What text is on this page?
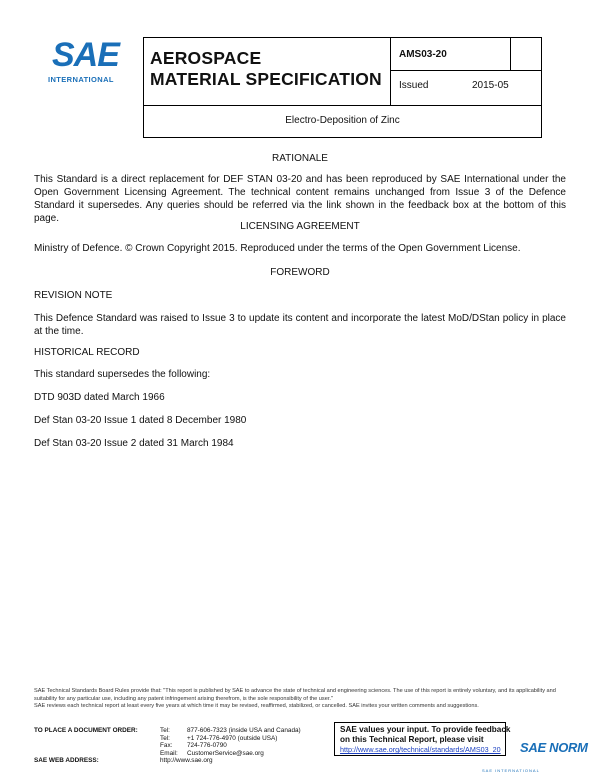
SAE
INTERNATIONAL
AEROSPACE
MATERIAL SPECIFICATION
AMS03-20
Issued	2015-05
Electro-Deposition of Zinc
RATIONALE
This Standard is a direct replacement for DEF STAN 03-20 and has been reproduced by SAE International under the Open Government Licensing Agreement. The technical content remains unchanged from Issue 3 of the Defence Standard it supersedes. Any queries should be referred via the link shown in the feedback box at the bottom of this page.
LICENSING AGREEMENT
Ministry of Defence. © Crown Copyright 2015. Reproduced under the terms of the Open Government License.
FOREWORD
REVISION NOTE
This Defence Standard was raised to Issue 3 to update its content and incorporate the latest MoD/DStan policy in place at the time.
HISTORICAL RECORD
This standard supersedes the following:
DTD 903D dated March 1966
Def Stan 03-20 Issue 1 dated 8 December 1980
Def Stan 03-20 Issue 2 dated 31 March 1984
SAE Technical Standards Board Rules provide that: "This report is published by SAE to advance the state of technical and engineering sciences. The use of this report is entirely voluntary, and its applicability and suitability for any particular use, including any patent infringement arising therefrom, is the sole responsibility of the user."
SAE reviews each technical report at least every five years at which time it may be revised, reaffirmed, stabilized, or cancelled. SAE invites your written comments and suggestions.
TO PLACE A DOCUMENT ORDER:
SAE WEB ADDRESS:
Tel:	877-606-7323 (inside USA and Canada)
Tel:	+1 724-776-4970 (outside USA)
Fax: 724-776-0790
Email: CustomerService@sae.org
http://www.sae.org
SAE values your input. To provide feedback
on this Technical Report, please visit
http://www.sae.org/technical/standards/AMS03_20 SAE NORM
SAE INTERNATIONAL
